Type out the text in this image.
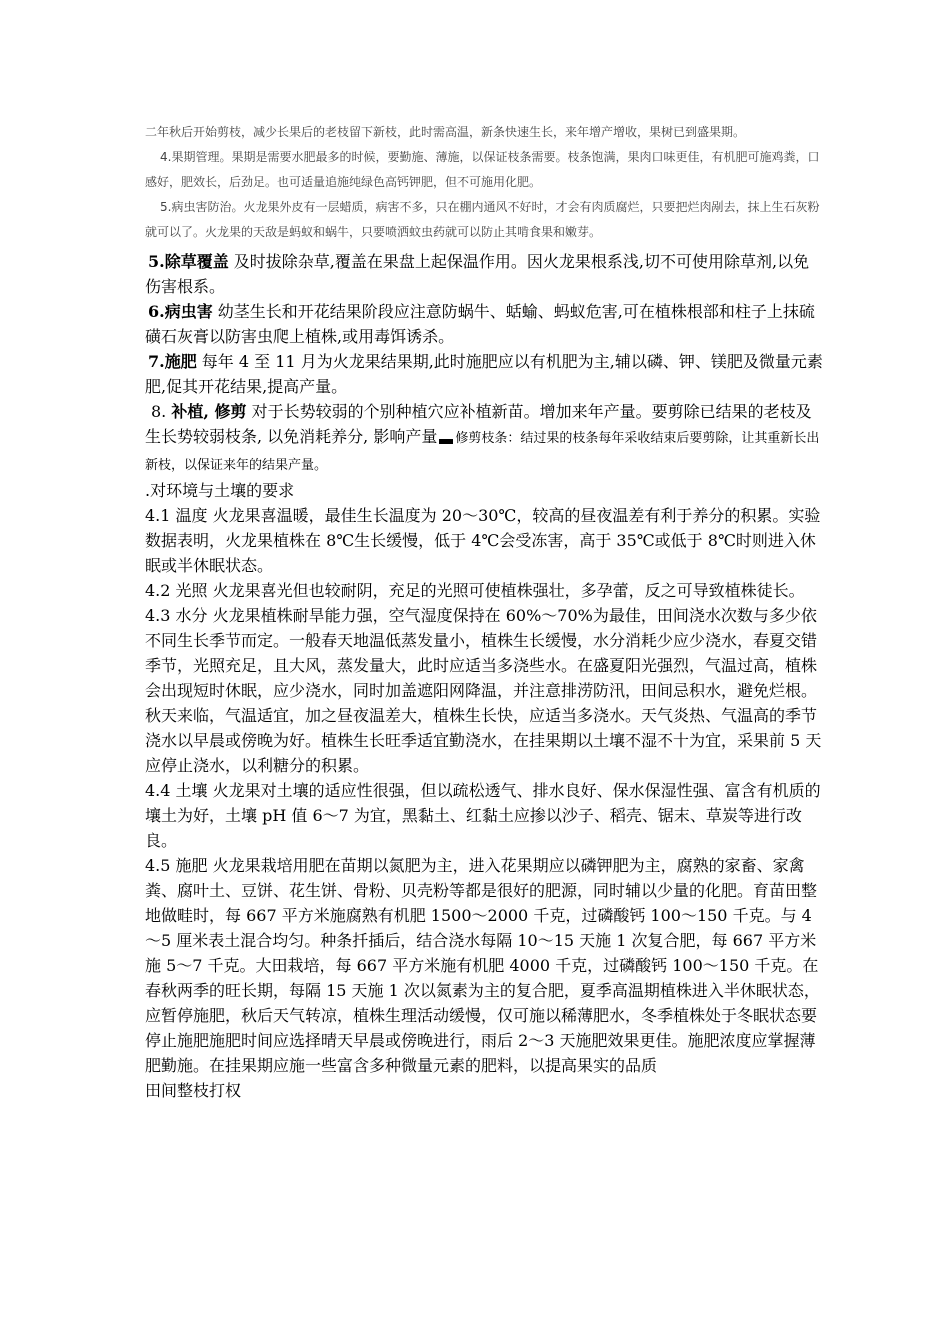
二年秋后开始剪枝，减少长果后的老枝留下新枝，此时需高温，新条快速生长，来年增产增收，果树已到盛果期。

4.果期管理。果期是需要水肥最多的时候，要勤施、薄施，以保证枝条需要。枝条饱满，果肉口味更佳，有机肥可施鸡粪，口感好，肥效长，后劲足。也可适量追施纯绿色高钙钾肥，但不可施用化肥。

5.病虫害防治。火龙果外皮有一层蜡质，病害不多，只在棚内通风不好时，才会有肉质腐烂，只要把烂肉剐去，抹上生石灰粉就可以了。火龙果的天敌是蚂蚁和蜗牛，只要喷洒蚊虫药就可以防止其啃食果和嫩芽。

5.除草覆盖 及时拔除杂草,覆盖在果盘上起保温作用。因火龙果根系浅,切不可使用除草剂,以免伤害根系。

6.病虫害 幼茎生长和开花结果阶段应注意防蜗牛、蛞蝓、蚂蚁危害,可在植株根部和柱子上抹硫磺石灰膏以防害虫爬上植株,或用毒饵诱杀。

7.施肥 每年 4 至 11 月为火龙果结果期,此时施肥应以有机肥为主,辅以磷、钾、镁肥及微量元素肥,促其开花结果,提高产量。

8. 补植, 修剪 对于长势较弱的个别种植穴应补植新苗。增加来年产量。要剪除已结果的老枝及生长势较弱枝条, 以免消耗养分, 影响产量 修剪枝条：结过果的枝条每年采收结束后要剪除，让其重新长出新枝，以保证来年的结果产量。

.对环境与土壤的要求

4.1 温度 火龙果喜温暖，最佳生长温度为 20～30℃，较高的昼夜温差有利于养分的积累。实验数据表明，火龙果植株在 8℃生长缓慢，低于 4℃会受冻害，高于 35℃或低于 8℃时则进入休眠或半休眠状态。

4.2 光照 火龙果喜光但也较耐阴，充足的光照可使植株强壮，多孕蕾，反之可导致植株徒长。

4.3 水分 火龙果植株耐旱能力强，空气湿度保持在 60%～70%为最佳，田间浇水次数与多少依不同生长季节而定。一般春天地温低蒸发量小，植株生长缓慢，水分消耗少应少浇水，春夏交错季节，光照充足，且大风，蒸发量大，此时应适当多浇些水。在盛夏阳光强烈，气温过高，植株会出现短时休眠，应少浇水，同时加盖遮阳网降温，并注意排涝防汛，田间忌积水，避免烂根。秋天来临，气温适宜，加之昼夜温差大，植株生长快，应适当多浇水。天气炎热、气温高的季节浇水以早晨或傍晚为好。植株生长旺季适宜勤浇水，在挂果期以土壤不湿不十为宜，采果前 5 天应停止浇水，以利糖分的积累。

4.4 土壤 火龙果对土壤的适应性很强，但以疏松透气、排水良好、保水保湿性强、富含有机质的壤土为好，土壤 pH 值 6～7 为宜，黑黏土、红黏土应掺以沙子、稻壳、锯末、草炭等进行改良。

4.5 施肥 火龙果栽培用肥在苗期以氮肥为主，进入花果期应以磷钾肥为主，腐熟的家畜、家禽粪、腐叶土、豆饼、花生饼、骨粉、贝壳粉等都是很好的肥源，同时辅以少量的化肥。育苗田整地做畦时，每 667 平方米施腐熟有机肥 1500～2000 千克，过磷酸钙 100～150 千克。与 4～5 厘米表土混合均匀。种条扦插后，结合浇水每隔 10～15 天施 1 次复合肥，每 667 平方米施 5～7 千克。大田栽培，每 667 平方米施有机肥 4000 千克，过磷酸钙 100～150 千克。在春秋两季的旺长期，每隔 15 天施 1 次以氮素为主的复合肥，夏季高温期植株进入半休眠状态，应暂停施肥，秋后天气转凉，植株生理活动缓慢，仅可施以稀薄肥水，冬季植株处于冬眠状态要停止施肥施肥时间应选择晴天早晨或傍晚进行，雨后 2～3 天施肥效果更佳。施肥浓度应掌握薄肥勤施。在挂果期应施一些富含多种微量元素的肥料，以提高果实的品质

田间整枝打权
